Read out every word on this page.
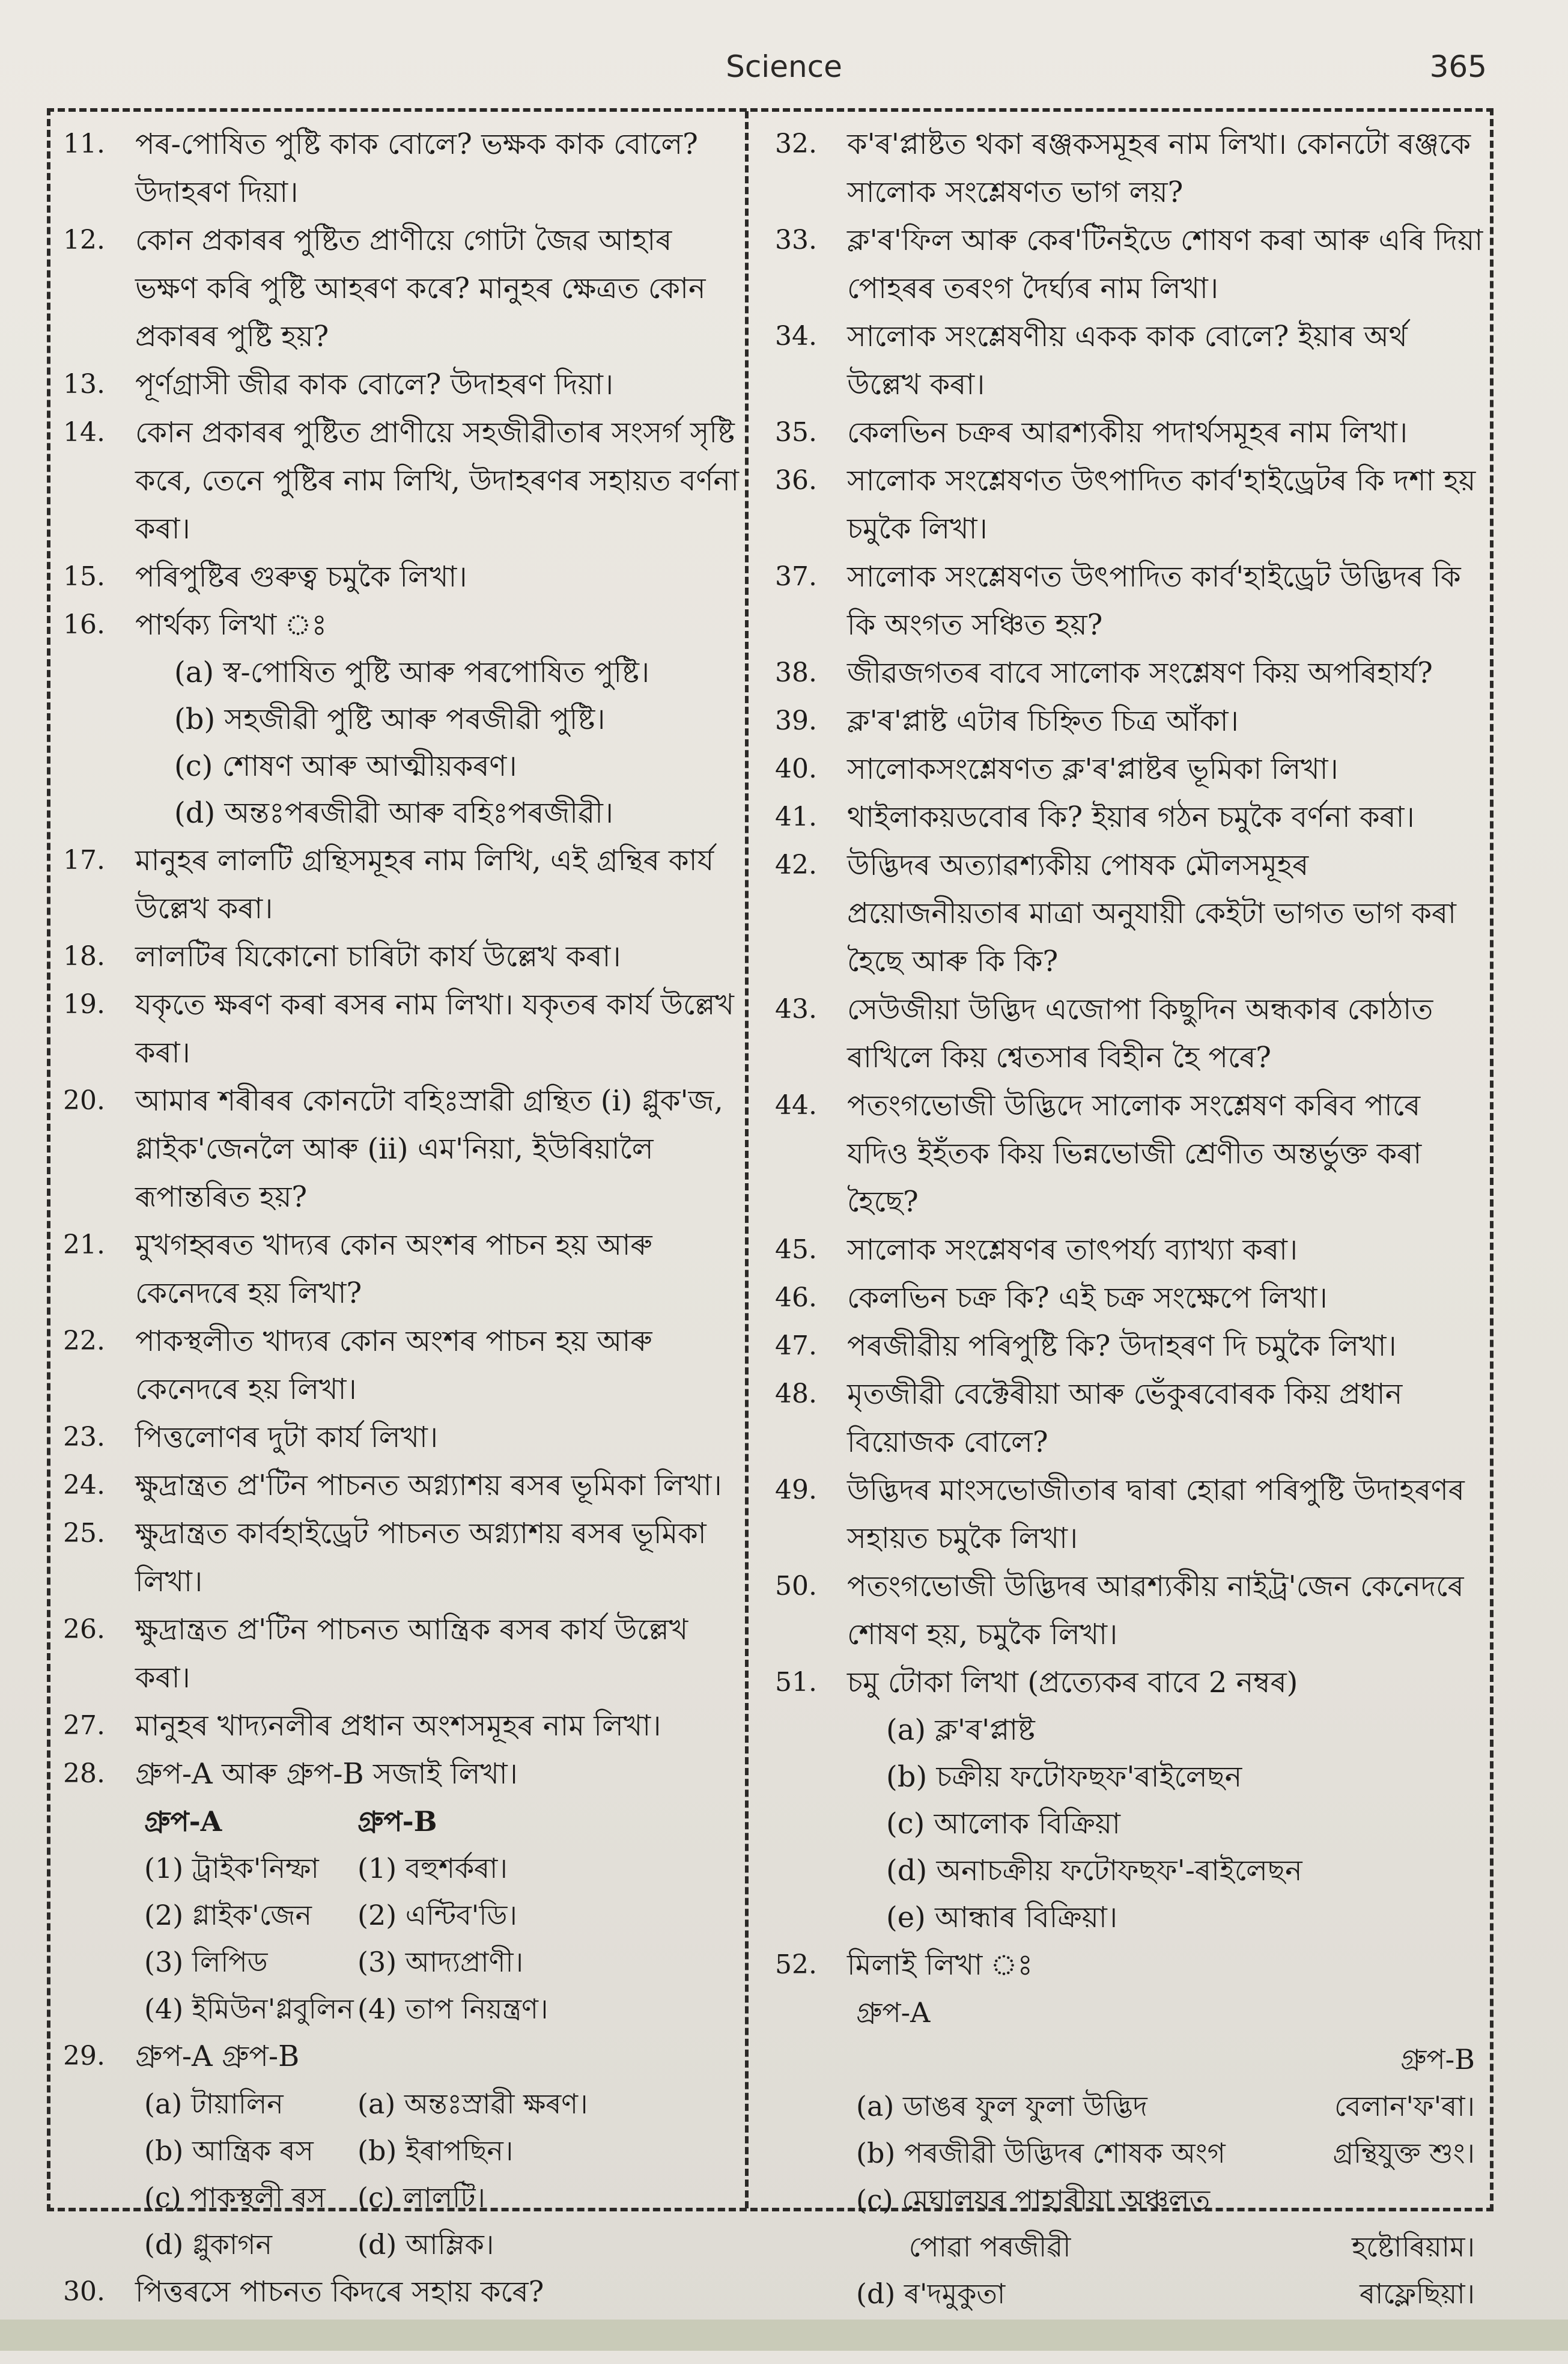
Science	365
11.	পৰ-পোষিত পুষ্টি কাক বোলে? ভক্ষক কাক বোলে? উদাহৰণ দিয়া।
12.	কোন প্ৰকাৰৰ পুষ্টিত প্ৰাণীয়ে গোটা জৈৱ আহাৰ ভক্ষণ কৰি পুষ্টি আহৰণ কৰে? মানুহৰ ক্ষেত্ৰত কোন প্ৰকাৰৰ পুষ্টি হয়?
13.	পূৰ্ণগ্ৰাসী জীৱ কাক বোলে? উদাহৰণ দিয়া।
14.	কোন প্ৰকাৰৰ পুষ্টিত প্ৰাণীয়ে সহজীৱীতাৰ সংসৰ্গ সৃষ্টি কৰে, তেনে পুষ্টিৰ নাম লিখি, উদাহৰণৰ সহায়ত বৰ্ণনা কৰা।
15.	পৰিপুষ্টিৰ গুৰুত্ব চমুকৈ লিখা।
16.	পাৰ্থক্য লিখা ঃ
(a) স্ব-পোষিত পুষ্টি আৰু পৰপোষিত পুষ্টি।
(b) সহজীৱী পুষ্টি আৰু পৰজীৱী পুষ্টি।
(c) শোষণ আৰু আত্মীয়কৰণ।
(d) অন্তঃপৰজীৱী আৰু বহিঃপৰজীৱী।
17.	মানুহৰ লালটি গ্ৰন্থিসমূহৰ নাম লিখি, এই গ্ৰন্থিৰ কাৰ্য উল্লেখ কৰা।
18.	লালটিৰ যিকোনো চাৰিটা কাৰ্য উল্লেখ কৰা।
19.	যকৃতে ক্ষৰণ কৰা ৰসৰ নাম লিখা। যকৃতৰ কাৰ্য উল্লেখ কৰা।
20.	আমাৰ শৰীৰৰ কোনটো বহিঃস্ৰাৱী গ্ৰন্থিত (i) গ্লুক'জ, গ্লাইক'জেনলৈ আৰু (ii) এম'নিয়া, ইউৰিয়ালৈ ৰূপান্তৰিত হয়?
21.	মুখগহ্বৰত খাদ্যৰ কোন অংশৰ পাচন হয় আৰু কেনেদৰে হয় লিখা?
22.	পাকস্থলীত খাদ্যৰ কোন অংশৰ পাচন হয় আৰু কেনেদৰে হয় লিখা।
23.	পিত্তলোণৰ দুটা কাৰ্য লিখা।
24.	ক্ষুদ্ৰান্ত্ৰত প্ৰ'টিন পাচনত অগ্ন্যাশয় ৰসৰ ভূমিকা লিখা।
25.	ক্ষুদ্ৰান্ত্ৰত কাৰ্বহাইড্ৰেট পাচনত অগ্ন্যাশয় ৰসৰ ভূমিকা লিখা।
26.	ক্ষুদ্ৰান্ত্ৰত প্ৰ'টিন পাচনত আন্ত্ৰিক ৰসৰ কাৰ্য উল্লেখ কৰা।
27.	মানুহৰ খাদ্যনলীৰ প্ৰধান অংশসমূহৰ নাম লিখা।
28.	গ্ৰুপ-A আৰু গ্ৰুপ-B সজাই লিখা।
গ্ৰুপ-A	গ্ৰুপ-B
(1) ট্ৰাইক'নিম্ফা	(1) বহুশৰ্কৰা।
(2) গ্লাইক'জেন	(2) এন্টিব'ডি।
(3) লিপিড	(3) আদ্যপ্ৰাণী।
(4) ইমিউন'গ্লবুলিন (4) তাপ নিয়ন্ত্ৰণ।
29.	গ্ৰুপ-A গ্ৰুপ-B
(a) টায়ালিন	(a) অন্তঃস্ৰাৱী ক্ষৰণ।
(b) আন্ত্ৰিক ৰস	(b) ইৰাপছিন।
(c) পাকস্থলী ৰস	(c) লালটি।
(d) গ্লুকাগন	(d) আম্লিক।
30.	পিত্তৰসে পাচনত কিদৰে সহায় কৰে?
32.	ক'ৰ'প্লাষ্টত থকা ৰঞ্জকসমূহৰ নাম লিখা। কোনটো ৰঞ্জকে সালোক সংশ্লেষণত ভাগ লয়?
33.	ক্ল'ৰ'ফিল আৰু কেৰ'টিনইডে শোষণ কৰা আৰু এৰি দিয়া পোহৰৰ তৰংগ দৈৰ্ঘ্যৰ নাম লিখা।
34.	সালোক সংশ্লেষণীয় একক কাক বোলে? ইয়াৰ অৰ্থ উল্লেখ কৰা।
35.	কেলভিন চক্ৰৰ আৱশ্যকীয় পদাৰ্থসমূহৰ নাম লিখা।
36.	সালোক সংশ্লেষণত উৎপাদিত কাৰ্ব'হাইড্ৰেটৰ কি দশা হয় চমুকৈ লিখা।
37.	সালোক সংশ্লেষণত উৎপাদিত কাৰ্ব'হাইড্ৰেট উদ্ভিদৰ কি কি অংগত সঞ্চিত হয়?
38.	জীৱজগতৰ বাবে সালোক সংশ্লেষণ কিয় অপৰিহাৰ্য?
39.	ক্ল'ৰ'প্লাষ্ট এটাৰ চিহ্নিত চিত্ৰ আঁকা।
40.	সালোকসংশ্লেষণত ক্ল'ৰ'প্লাষ্টৰ ভূমিকা লিখা।
41.	থাইলাকয়ডবোৰ কি? ইয়াৰ গঠন চমুকৈ বৰ্ণনা কৰা।
42.	উদ্ভিদৰ অত্যাৱশ্যকীয় পোষক মৌলসমূহৰ প্ৰয়োজনীয়তাৰ মাত্ৰা অনুযায়ী কেইটা ভাগত ভাগ কৰা হৈছে আৰু কি কি?
43.	সেউজীয়া উদ্ভিদ এজোপা কিছুদিন অন্ধকাৰ কোঠাত ৰাখিলে কিয় শ্বেতসাৰ বিহীন হৈ পৰে?
44.	পতংগভোজী উদ্ভিদে সালোক সংশ্লেষণ কৰিব পাৰে যদিও ইহঁতক কিয় ভিন্নভোজী শ্ৰেণীত অন্তৰ্ভুক্ত কৰা হৈছে?
45.	সালোক সংশ্লেষণৰ তাৎপৰ্য্য ব্যাখ্যা কৰা।
46.	কেলভিন চক্ৰ কি? এই চক্ৰ সংক্ষেপে লিখা।
47.	পৰজীৱীয় পৰিপুষ্টি কি? উদাহৰণ দি চমুকৈ লিখা।
48.	মৃতজীৱী বেক্টেৰীয়া আৰু ভেঁকুৰবোৰক কিয় প্ৰধান বিয়োজক বোলে?
49.	উদ্ভিদৰ মাংসভোজীতাৰ দ্বাৰা হোৱা পৰিপুষ্টি উদাহৰণৰ সহায়ত চমুকৈ লিখা।
50.	পতংগভোজী উদ্ভিদৰ আৱশ্যকীয় নাইট্ৰ'জেন কেনেদৰে শোষণ হয়, চমুকৈ লিখা।
51.	চমু টোকা লিখা (প্ৰত্যেকৰ বাবে 2 নম্বৰ)
(a) ক্ল'ৰ'প্লাষ্ট
(b) চক্ৰীয় ফটোফছফ'ৰাইলেছন
(c) আলোক বিক্ৰিয়া
(d) অনাচক্ৰীয় ফটোফছফ'-ৰাইলেছন
(e) আন্ধাৰ বিক্ৰিয়া।
52.	মিলাই লিখা ঃ
গ্ৰুপ-A
গ্ৰুপ-B
(a) ডাঙৰ ফুল ফুলা উদ্ভিদ	বেলান'ফ'ৰা।
(b) পৰজীৱী উদ্ভিদৰ শোষক অংগ	গ্ৰন্থিযুক্ত শুং।
(c) মেঘালয়ৰ পাহাৰীয়া অঞ্চলত
পোৱা পৰজীৱী	হষ্টোৰিয়াম।
(d) ৰ'দমুকুতা	ৰাফ্লেছিয়া।
